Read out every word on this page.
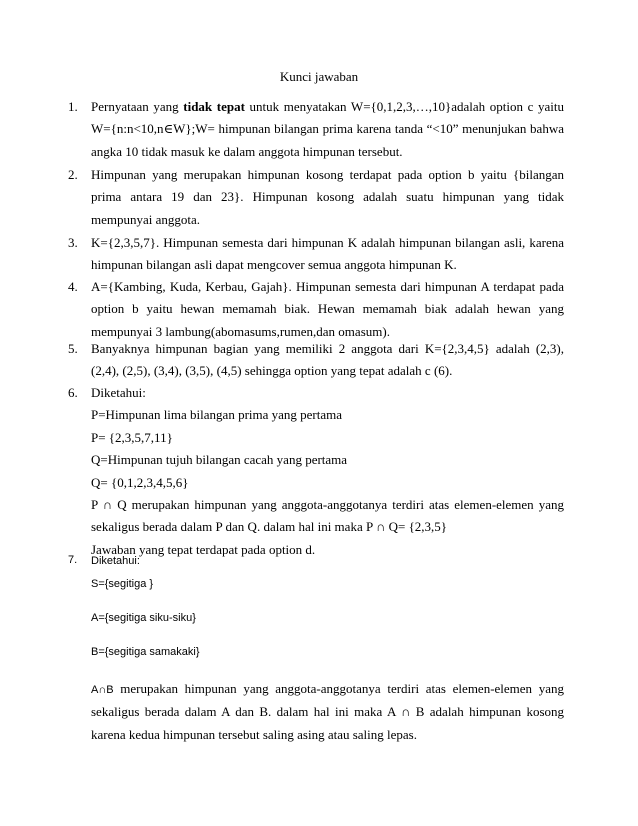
Kunci jawaban
1. Pernyataan yang tidak tepat untuk menyatakan W={0,1,2,3,…,10}adalah option c yaitu W={n:n<10,n∈W};W= himpunan bilangan prima karena tanda “<10” menunjukan bahwa angka 10 tidak masuk ke dalam anggota himpunan tersebut.

2. Himpunan yang merupakan himpunan kosong terdapat pada option b yaitu {bilangan prima antara 19 dan 23}. Himpunan kosong adalah suatu himpunan yang tidak mempunyai anggota.

3. K={2,3,5,7}. Himpunan semesta dari himpunan K adalah himpunan bilangan asli, karena himpunan bilangan asli dapat mengcover semua anggota himpunan K.

4. A={Kambing, Kuda, Kerbau, Gajah}. Himpunan semesta dari himpunan A terdapat pada option b yaitu hewan memamah biak. Hewan memamah biak adalah hewan yang mempunyai 3 lambung(abomasums,rumen,dan omasum).

5. Banyaknya himpunan bagian yang memiliki 2 anggota dari K={2,3,4,5} adalah (2,3), (2,4), (2,5), (3,4), (3,5), (4,5) sehingga option yang tepat adalah c (6).

6. Diketahui:

P=Himpunan lima bilangan prima yang pertama

P= {2,3,5,7,11}

Q=Himpunan tujuh bilangan cacah yang pertama

Q= {0,1,2,3,4,5,6}

P ∩ Q merupakan himpunan yang anggota-anggotanya terdiri atas elemen-elemen yang sekaligus berada dalam P dan Q. dalam hal ini maka P ∩ Q= {2,3,5}

Jawaban yang tepat terdapat pada option d.

7. Diketahui:

S={segitiga }

A={segitiga siku-siku}

B={segitiga samakaki}

A∩B merupakan himpunan yang anggota-anggotanya terdiri atas elemen-elemen yang sekaligus berada dalam A dan B. dalam hal ini maka A ∩ B adalah himpunan kosong karena kedua himpunan tersebut saling asing atau saling lepas.
